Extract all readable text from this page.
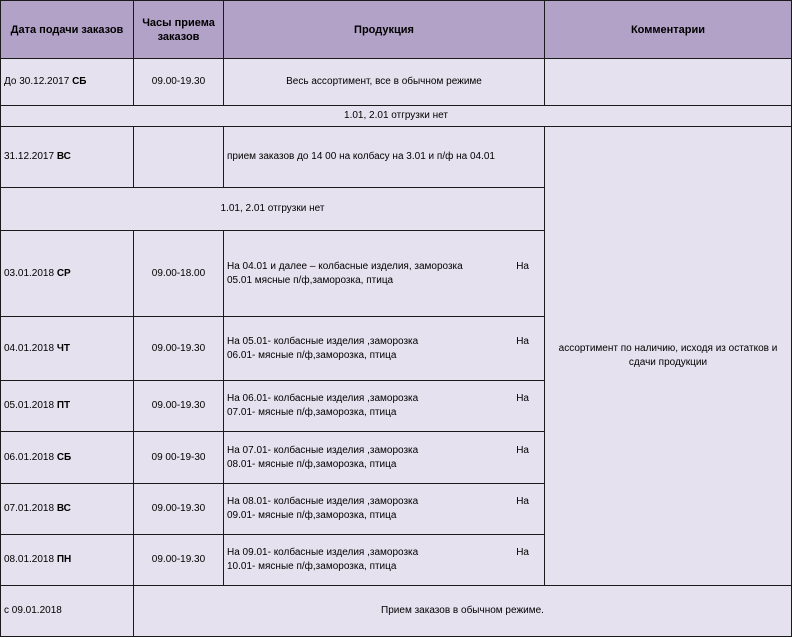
Дата подачи заказов	Часы приема заказов	Продукция	Комментарии
До 30.12.2017 СБ	09.00-19.30	Весь ассортимент, все в обычном режиме	
1.01, 2.01 отгрузки нет			
31.12.2017 ВС		прием заказов до 14 00 на колбасу на 3.01 и п/ф на 04.01	ассортимент по наличию, исходя из остатков и сдачи продукции
1.01, 2.01 отгрузки нет			
03.01.2018 СР	09.00-18.00	На 04.01 и далее – колбасные изделия, заморозка На
05.01 мясные п/ф,заморозка, птица	

04.01.2018 ЧТ	09.00-19.30	На 05.01- колбасные изделия ,заморозка На
06.01- мясные п/ф,заморозка, птица	

05.01.2018 ПТ	09.00-19.30	На 06.01- колбасные изделия ,заморозка На
07.01- мясные п/ф,заморозка, птица	

06.01.2018 СБ	09 00-19-30	На 07.01- колбасные изделия ,заморозка На
08.01- мясные п/ф,заморозка, птица	

07.01.2018 ВС	09.00-19.30	На 08.01- колбасные изделия ,заморозка На
09.01- мясные п/ф,заморозка, птица	

08.01.2018 ПН	09.00-19.30	На 09.01- колбасные изделия ,заморозка На
10.01- мясные п/ф,заморозка, птица	

с 09.01.2018	Прием заказов в обычном режиме.		
